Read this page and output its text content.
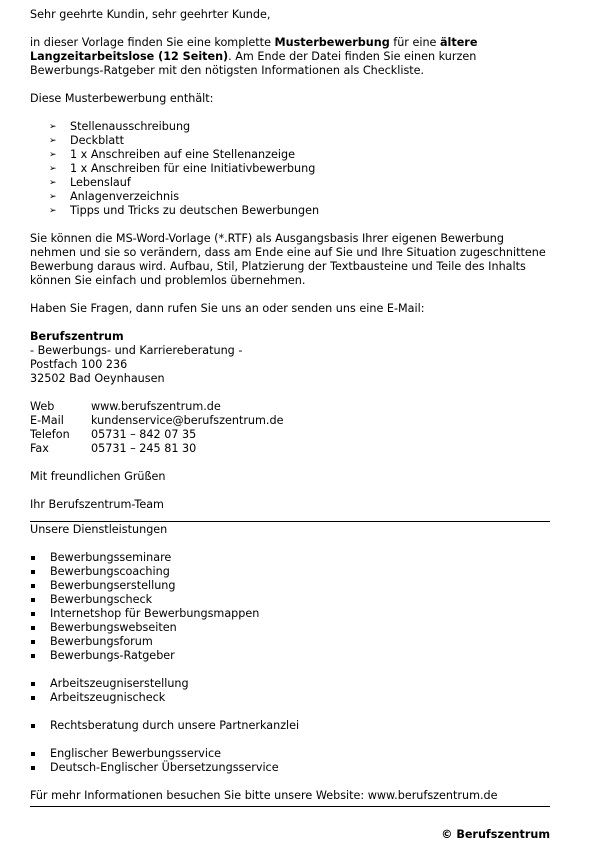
Sehr geehrte Kundin, sehr geehrter Kunde,

in dieser Vorlage finden Sie eine komplette Musterbewerbung für eine ältere Langzeitarbeitslose (12 Seiten). Am Ende der Datei finden Sie einen kurzen Bewerbungs-Ratgeber mit den nötigsten Informationen als Checkliste.

Diese Musterbewerbung enthält:

➢ Stellenausschreibung
➢ Deckblatt
➢ 1 x Anschreiben auf eine Stellenanzeige
➢ 1 x Anschreiben für eine Initiativbewerbung
➢ Lebenslauf
➢ Anlagenverzeichnis
➢ Tipps und Tricks zu deutschen Bewerbungen

Sie können die MS-Word-Vorlage (*.RTF) als Ausgangsbasis Ihrer eigenen Bewerbung nehmen und sie so verändern, dass am Ende eine auf Sie und Ihre Situation zugeschnittene Bewerbung daraus wird. Aufbau, Stil, Platzierung der Textbausteine und Teile des Inhalts können Sie einfach und problemlos übernehmen.

Haben Sie Fragen, dann rufen Sie uns an oder senden uns eine E-Mail:

Berufszentrum

- Bewerbungs- und Karriereberatung -

Postfach 100 236

32502 Bad Oeynhausen

Web	www.berufszentrum.de
E-Mail	kundenservice@berufszentrum.de
Telefon	05731 – 842 07 35
Fax	05731 – 245 81 30

Mit freundlichen Grüßen

Ihr Berufszentrum-Team

Unsere Dienstleistungen

Bewerbungsseminare
Bewerbungscoaching
Bewerbungserstellung
Bewerbungscheck
Internetshop für Bewerbungsmappen
Bewerbungswebseiten
Bewerbungsforum
Bewerbungs-Ratgeber
Arbeitszeugniserstellung
Arbeitszeugnischeck
Rechtsberatung durch unsere Partnerkanzlei
Englischer Bewerbungsservice
Deutsch-Englischer Übersetzungsservice

Für mehr Informationen besuchen Sie bitte unsere Website: www.berufszentrum.de

© Berufszentrum
